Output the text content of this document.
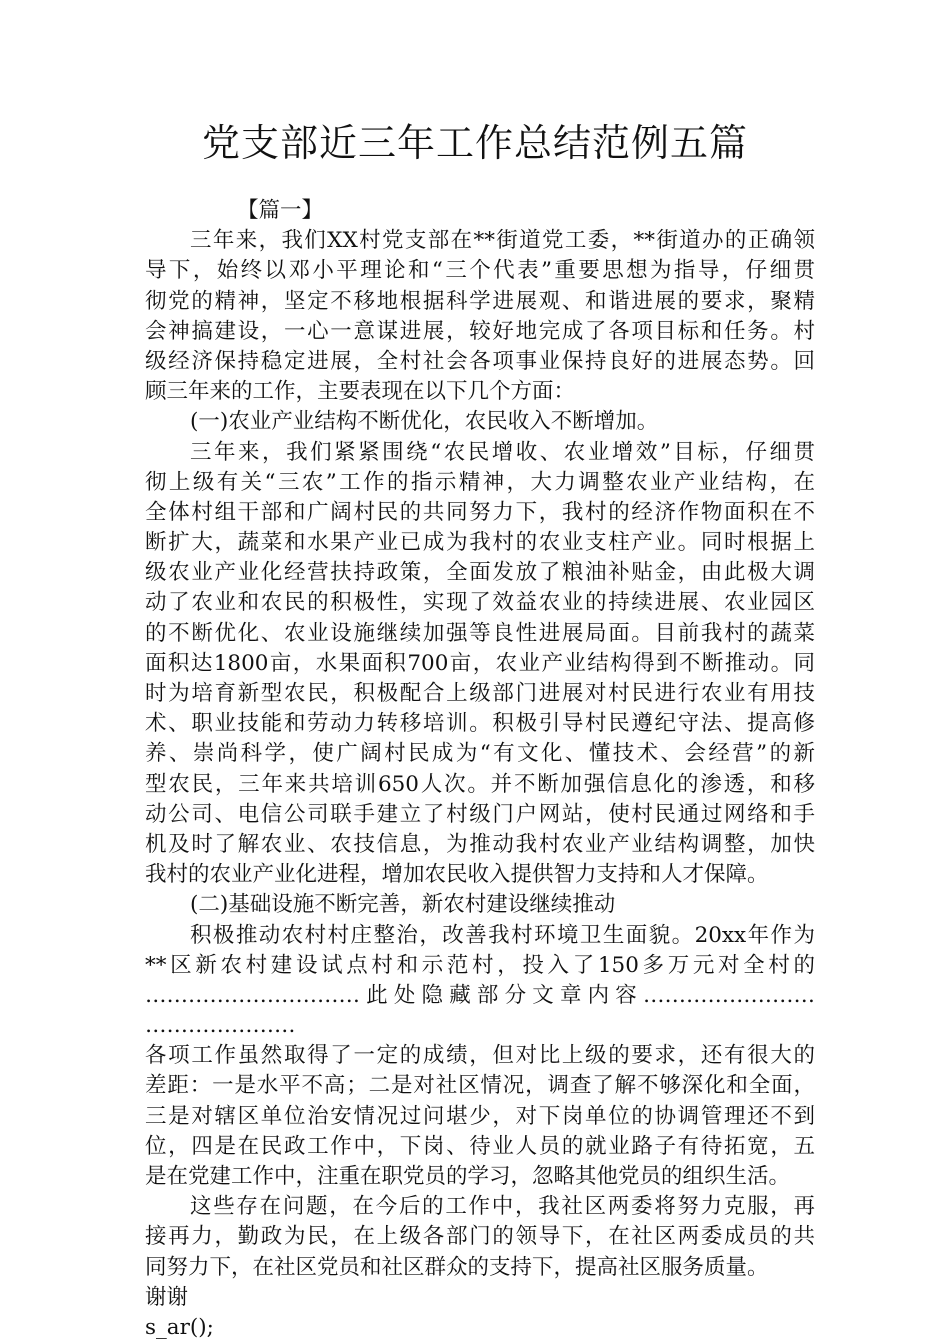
党支部近三年工作总结范例五篇
【篇一】
三年来，我们XX村党支部在**街道党工委，**街道办的正确领
导下，始终以邓小平理论和“三个代表”重要思想为指导，仔细贯
彻党的精神，坚定不移地根据科学进展观、和谐进展的要求，聚精
会神搞建设，一心一意谋进展，较好地完成了各项目标和任务。村
级经济保持稳定进展，全村社会各项事业保持良好的进展态势。回
顾三年来的工作，主要表现在以下几个方面：
(一)农业产业结构不断优化，农民收入不断增加。
三年来，我们紧紧围绕“农民增收、农业增效”目标，仔细贯
彻上级有关“三农”工作的指示精神，大力调整农业产业结构，在
全体村组干部和广阔村民的共同努力下，我村的经济作物面积在不
断扩大，蔬菜和水果产业已成为我村的农业支柱产业。同时根据上
级农业产业化经营扶持政策，全面发放了粮油补贴金，由此极大调
动了农业和农民的积极性，实现了效益农业的持续进展、农业园区
的不断优化、农业设施继续加强等良性进展局面。目前我村的蔬菜
面积达1800亩，水果面积700亩，农业产业结构得到不断推动。同
时为培育新型农民，积极配合上级部门进展对村民进行农业有用技
术、职业技能和劳动力转移培训。积极引导村民遵纪守法、提高修
养、崇尚科学，使广阔村民成为“有文化、懂技术、会经营”的新
型农民，三年来共培训650人次。并不断加强信息化的渗透，和移
动公司、电信公司联手建立了村级门户网站，使村民通过网络和手
机及时了解农业、农技信息，为推动我村农业产业结构调整，加快
我村的农业产业化进程，增加农民收入提供智力支持和人才保障。
(二)基础设施不断完善，新农村建设继续推动
积极推动农村村庄整治，改善我村环境卫生面貌。20xx年作为
**区新农村建设试点村和示范村，投入了150多万元对全村的
…………………………此处隐藏部分文章内容……………………
…………………
各项工作虽然取得了一定的成绩，但对比上级的要求，还有很大的
差距：一是水平不高；二是对社区情况，调查了解不够深化和全面，
三是对辖区单位治安情况过问堪少，对下岗单位的协调管理还不到
位，四是在民政工作中，下岗、待业人员的就业路子有待拓宽，五
是在党建工作中，注重在职党员的学习，忽略其他党员的组织生活。
这些存在问题，在今后的工作中，我社区两委将努力克服，再
接再力，勤政为民，在上级各部门的领导下，在社区两委成员的共
同努力下，在社区党员和社区群众的支持下，提高社区服务质量。
谢谢
s_ar();
